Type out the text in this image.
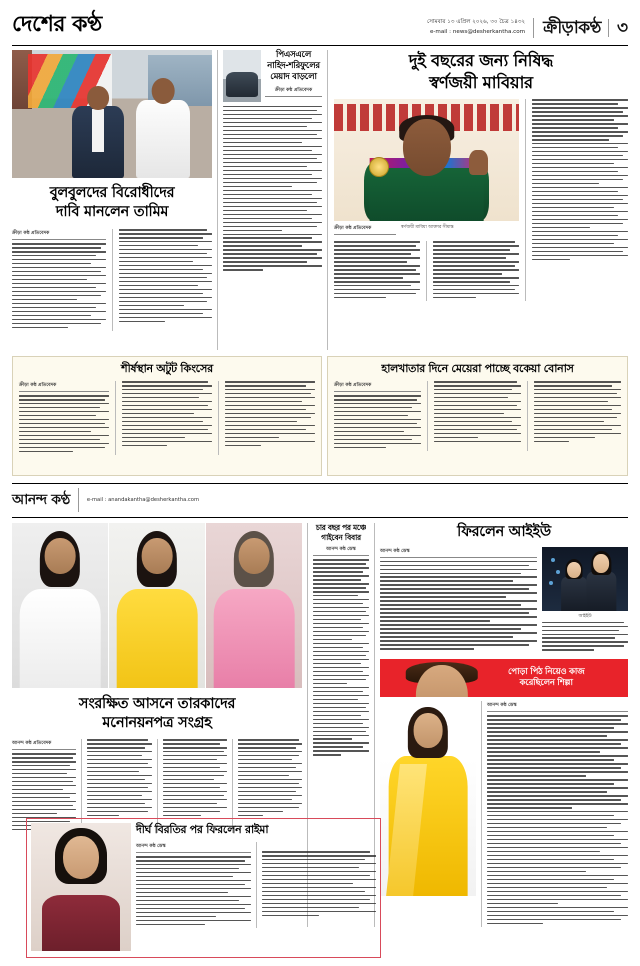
দেশের কণ্ঠ	সোমবার ১৩ এপ্রিল ২০২৬, ৩০ চৈত্র ১৪৩২
e-mail : news@desherkantha.com	ক্রীড়াকণ্ঠ ৩
বুলবুলদের বিরোধীদের
দাবি মানলেন তামিম
ক্রীড়া কন্ঠ প্রতিবেদক
পিএসএলে
নাহিদ-শরিফুলের
মেয়াদ বাড়লো
ক্রীড়া কন্ঠ প্রতিবেদক
দুই বছরের জন্য নিষিদ্ধ
স্বর্ণজয়ী মাবিয়ার
ক্রীড়া কন্ঠ প্রতিবেদক	স্বর্ণজয়ী মাবিয়া আক্তার সীমান্ত
শীর্ষস্থান অটুট কিংসের
ক্রীড়া কন্ঠ প্রতিবেদক
হালখাতার দিনে মেয়েরা পাচ্ছে বকেয়া বোনাস
ক্রীড়া কন্ঠ প্রতিবেদক
আনন্দ কণ্ঠ	e-mail : anandakantha@desherkantha.com
সংরক্ষিত আসনে তারকাদের
মনোনয়নপত্র সংগ্রহ
আনন্দ কন্ঠ প্রতিবেদক
চার বছর পর মঞ্চে
গাইবেন বিবার
আনন্দ কন্ঠ ডেস্ক
ফিরলেন আইইউ
আনন্দ কন্ঠ ডেস্ক
আইইউ
পোড়া পিঠ নিয়েও কাজ
করেছিলেন শিল্পা
আনন্দ কন্ঠ ডেস্ক
দীর্ঘ বিরতির পর ফিরলেন রাইমা
আনন্দ কন্ঠ ডেস্ক
